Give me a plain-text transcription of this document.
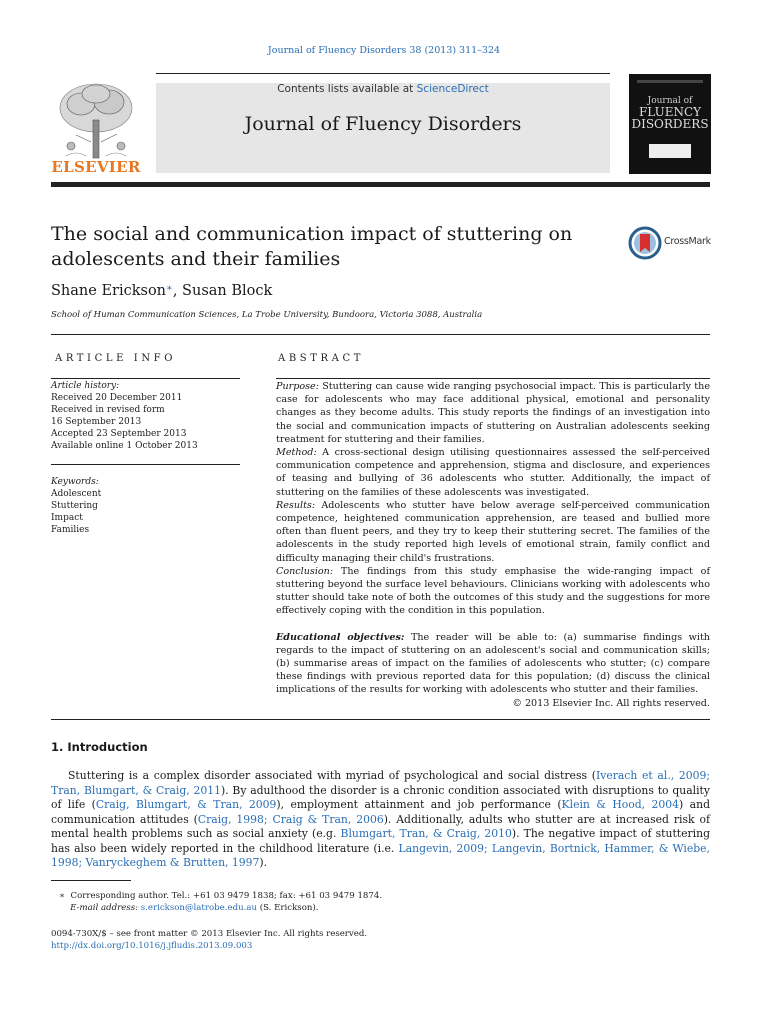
Journal of Fluency Disorders 38 (2013) 311–324
ELSEVIER
Contents lists available at ScienceDirect
Journal of Fluency Disorders
Journal of
FLUENCY DISORDERS
The social and communication impact of stuttering on
adolescents and their families
CrossMark
Shane Erickson∗, Susan Block
School of Human Communication Sciences, La Trobe University, Bundoora, Victoria 3088, Australia
ARTICLE INFO
Article history:
Received 20 December 2011
Received in revised form
16 September 2013
Accepted 23 September 2013
Available online 1 October 2013
Keywords:
Adolescent
Stuttering
Impact
Families
ABSTRACT

Purpose: Stuttering can cause wide ranging psychosocial impact. This is particularly the case for adolescents who may face additional physical, emotional and personality changes as they become adults. This study reports the findings of an investigation into the social and communication impacts of stuttering on Australian adolescents seeking treatment for stuttering and their families.

Method: A cross-sectional design utilising questionnaires assessed the self-perceived communication competence and apprehension, stigma and disclosure, and experiences of teasing and bullying of 36 adolescents who stutter. Additionally, the impact of stuttering on the families of these adolescents was investigated.

Results: Adolescents who stutter have below average self-perceived communication competence, heightened communication apprehension, are teased and bullied more often than fluent peers, and they try to keep their stuttering secret. The families of the adolescents in the study reported high levels of emotional strain, family conflict and difficulty managing their child's frustrations.

Conclusion: The findings from this study emphasise the wide-ranging impact of stuttering beyond the surface level behaviours. Clinicians working with adolescents who stutter should take note of both the outcomes of this study and the suggestions for more effectively coping with the condition in this population.

Educational objectives: The reader will be able to: (a) summarise findings with regards to the impact of stuttering on an adolescent's social and communication skills; (b) summarise areas of impact on the families of adolescents who stutter; (c) compare these findings with previous reported data for this population; (d) discuss the clinical implications of the results for working with adolescents who stutter and their families.

© 2013 Elsevier Inc. All rights reserved.

1. Introduction
Stuttering is a complex disorder associated with myriad of psychological and social distress (Iverach et al., 2009; Tran, Blumgart, & Craig, 2011). By adulthood the disorder is a chronic condition associated with disruptions to quality of life (Craig, Blumgart, & Tran, 2009), employment attainment and job performance (Klein & Hood, 2004) and communication attitudes (Craig, 1998; Craig & Tran, 2006). Additionally, adults who stutter are at increased risk of mental health problems such as social anxiety (e.g. Blumgart, Tran, & Craig, 2010). The negative impact of stuttering has also been widely reported in the childhood literature (i.e. Langevin, 2009; Langevin, Bortnick, Hammer, & Wiebe, 1998; Vanryckeghem & Brutten, 1997).
∗ Corresponding author. Tel.: +61 03 9479 1838; fax: +61 03 9479 1874.
E-mail address: s.erickson@latrobe.edu.au (S. Erickson).
0094-730X/$ – see front matter © 2013 Elsevier Inc. All rights reserved.
http://dx.doi.org/10.1016/j.jfludis.2013.09.003
